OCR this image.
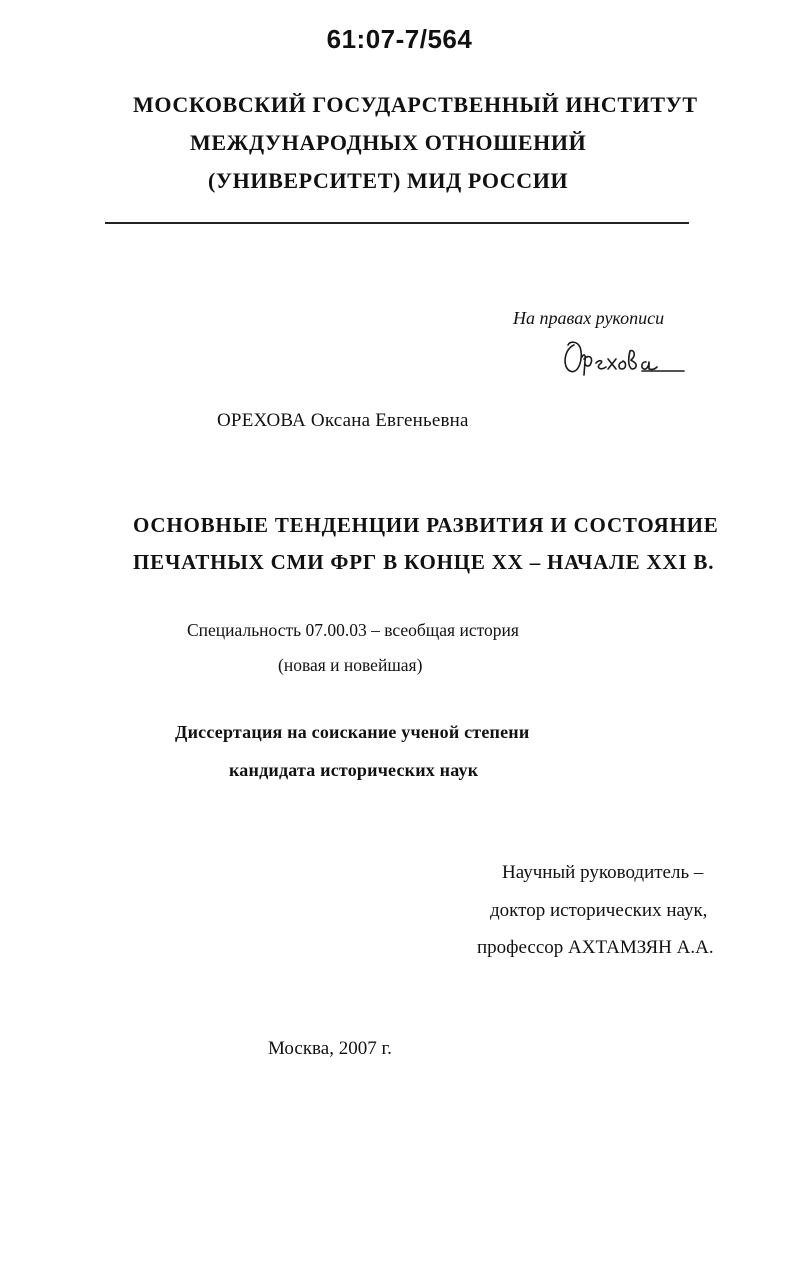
61:07-7/564
МОСКОВСКИЙ ГОСУДАРСТВЕННЫЙ ИНСТИТУТ
МЕЖДУНАРОДНЫХ ОТНОШЕНИЙ
(УНИВЕРСИТЕТ) МИД РОССИИ
На правах рукописи
ОРЕХОВА Оксана Евгеньевна
ОСНОВНЫЕ ТЕНДЕНЦИИ РАЗВИТИЯ И СОСТОЯНИЕ
ПЕЧАТНЫХ СМИ ФРГ В КОНЦЕ XX – НАЧАЛЕ XXI В.
Специальность 07.00.03 – всеобщая история
(новая и новейшая)
Диссертация на соискание ученой степени
кандидата исторических наук
Научный руководитель –
доктор исторических наук,
профессор АХТАМЗЯН А.А.
Москва, 2007 г.
